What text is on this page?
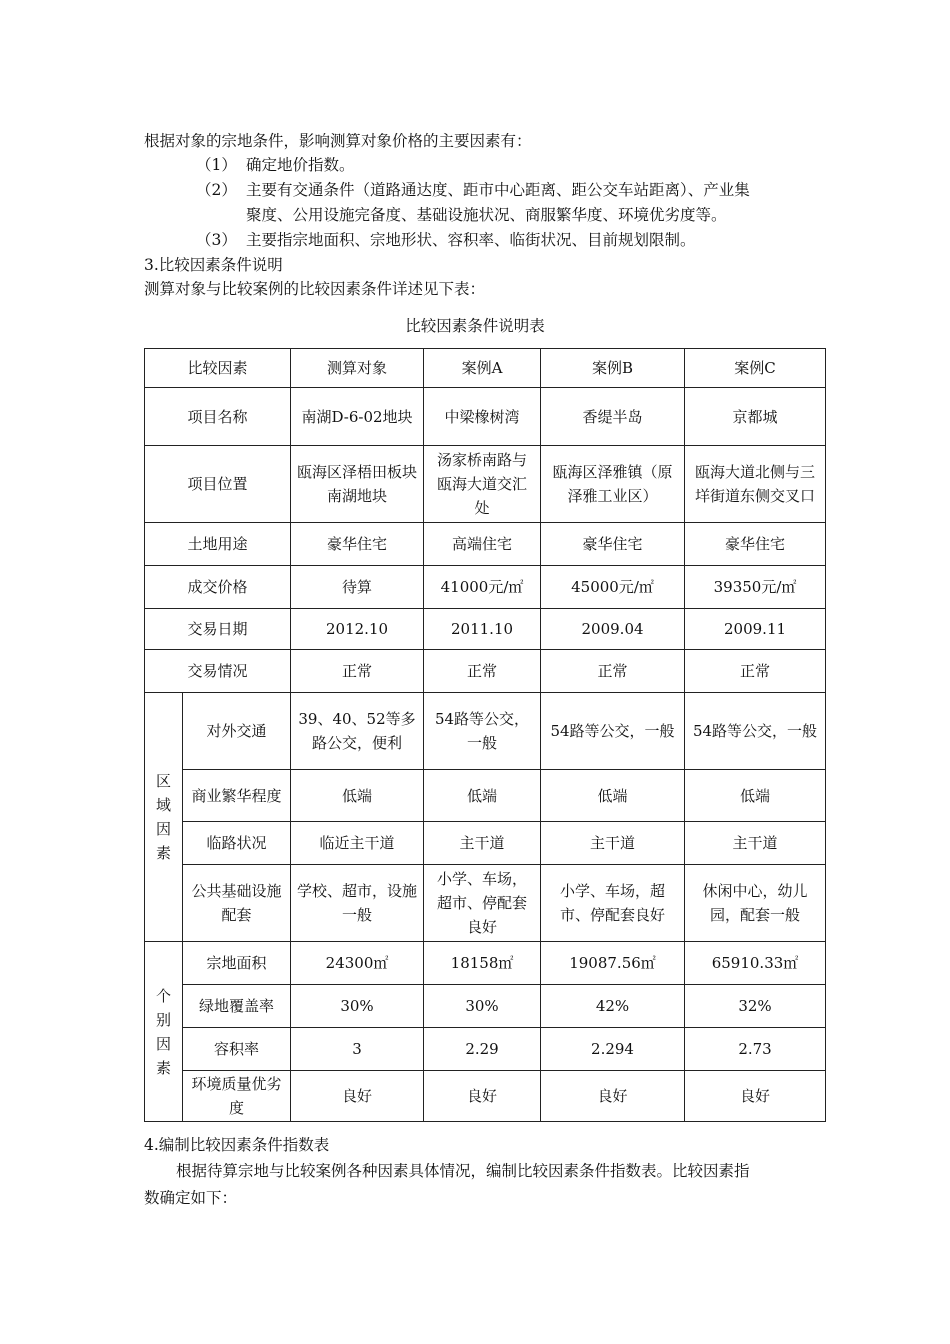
根据对象的宗地条件，影响测算对象价格的主要因素有：
（1） 确定地价指数。
（2） 主要有交通条件（道路通达度、距市中心距离、距公交车站距离）、产业集
聚度、公用设施完备度、基础设施状况、商服繁华度、环境优劣度等。
（3） 主要指宗地面积、宗地形状、容积率、临街状况、目前规划限制。
3.比较因素条件说明
测算对象与比较案例的比较因素条件详述见下表：
比较因素条件说明表
比较因素		测算对象	案例A	案例B	案例C
项目名称		南湖D-6-02地块	中梁橡树湾	香缇半岛	京都城
项目位置		瓯海区泽梧田板块南湖地块	汤家桥南路与瓯海大道交汇处	瓯海区泽雅镇（原泽雅工业区）	瓯海大道北侧与三垟街道东侧交叉口
土地用途		豪华住宅	高端住宅	豪华住宅	豪华住宅
成交价格		待算	41000元/㎡	45000元/㎡	39350元/㎡
交易日期		2012.10	2011.10	2009.04	2009.11
交易情况		正常	正常	正常	正常

区
域
因
素	对外交通	39、40、52等多路公交，便利	54路等公交，一般	54路等公交，一般	54路等公交，一般
	商业繁华程度	低端	低端	低端	低端
	临路状况	临近主干道	主干道	主干道	主干道
	公共基础设施配套	学校、超市，设施一般	小学、车场，超市、停配套良好	小学、车场，超市、停配套良好	休闲中心，幼儿园，配套一般

个
别
因
素	宗地面积	24300㎡	18158㎡	19087.56㎡	65910.33㎡
	绿地覆盖率	30%	30%	42%	32%
	容积率	3	2.29	2.294	2.73
	环境质量优劣度	良好	良好	良好	良好
4.编制比较因素条件指数表
根据待算宗地与比较案例各种因素具体情况，编制比较因素条件指数表。比较因素指
数确定如下：
